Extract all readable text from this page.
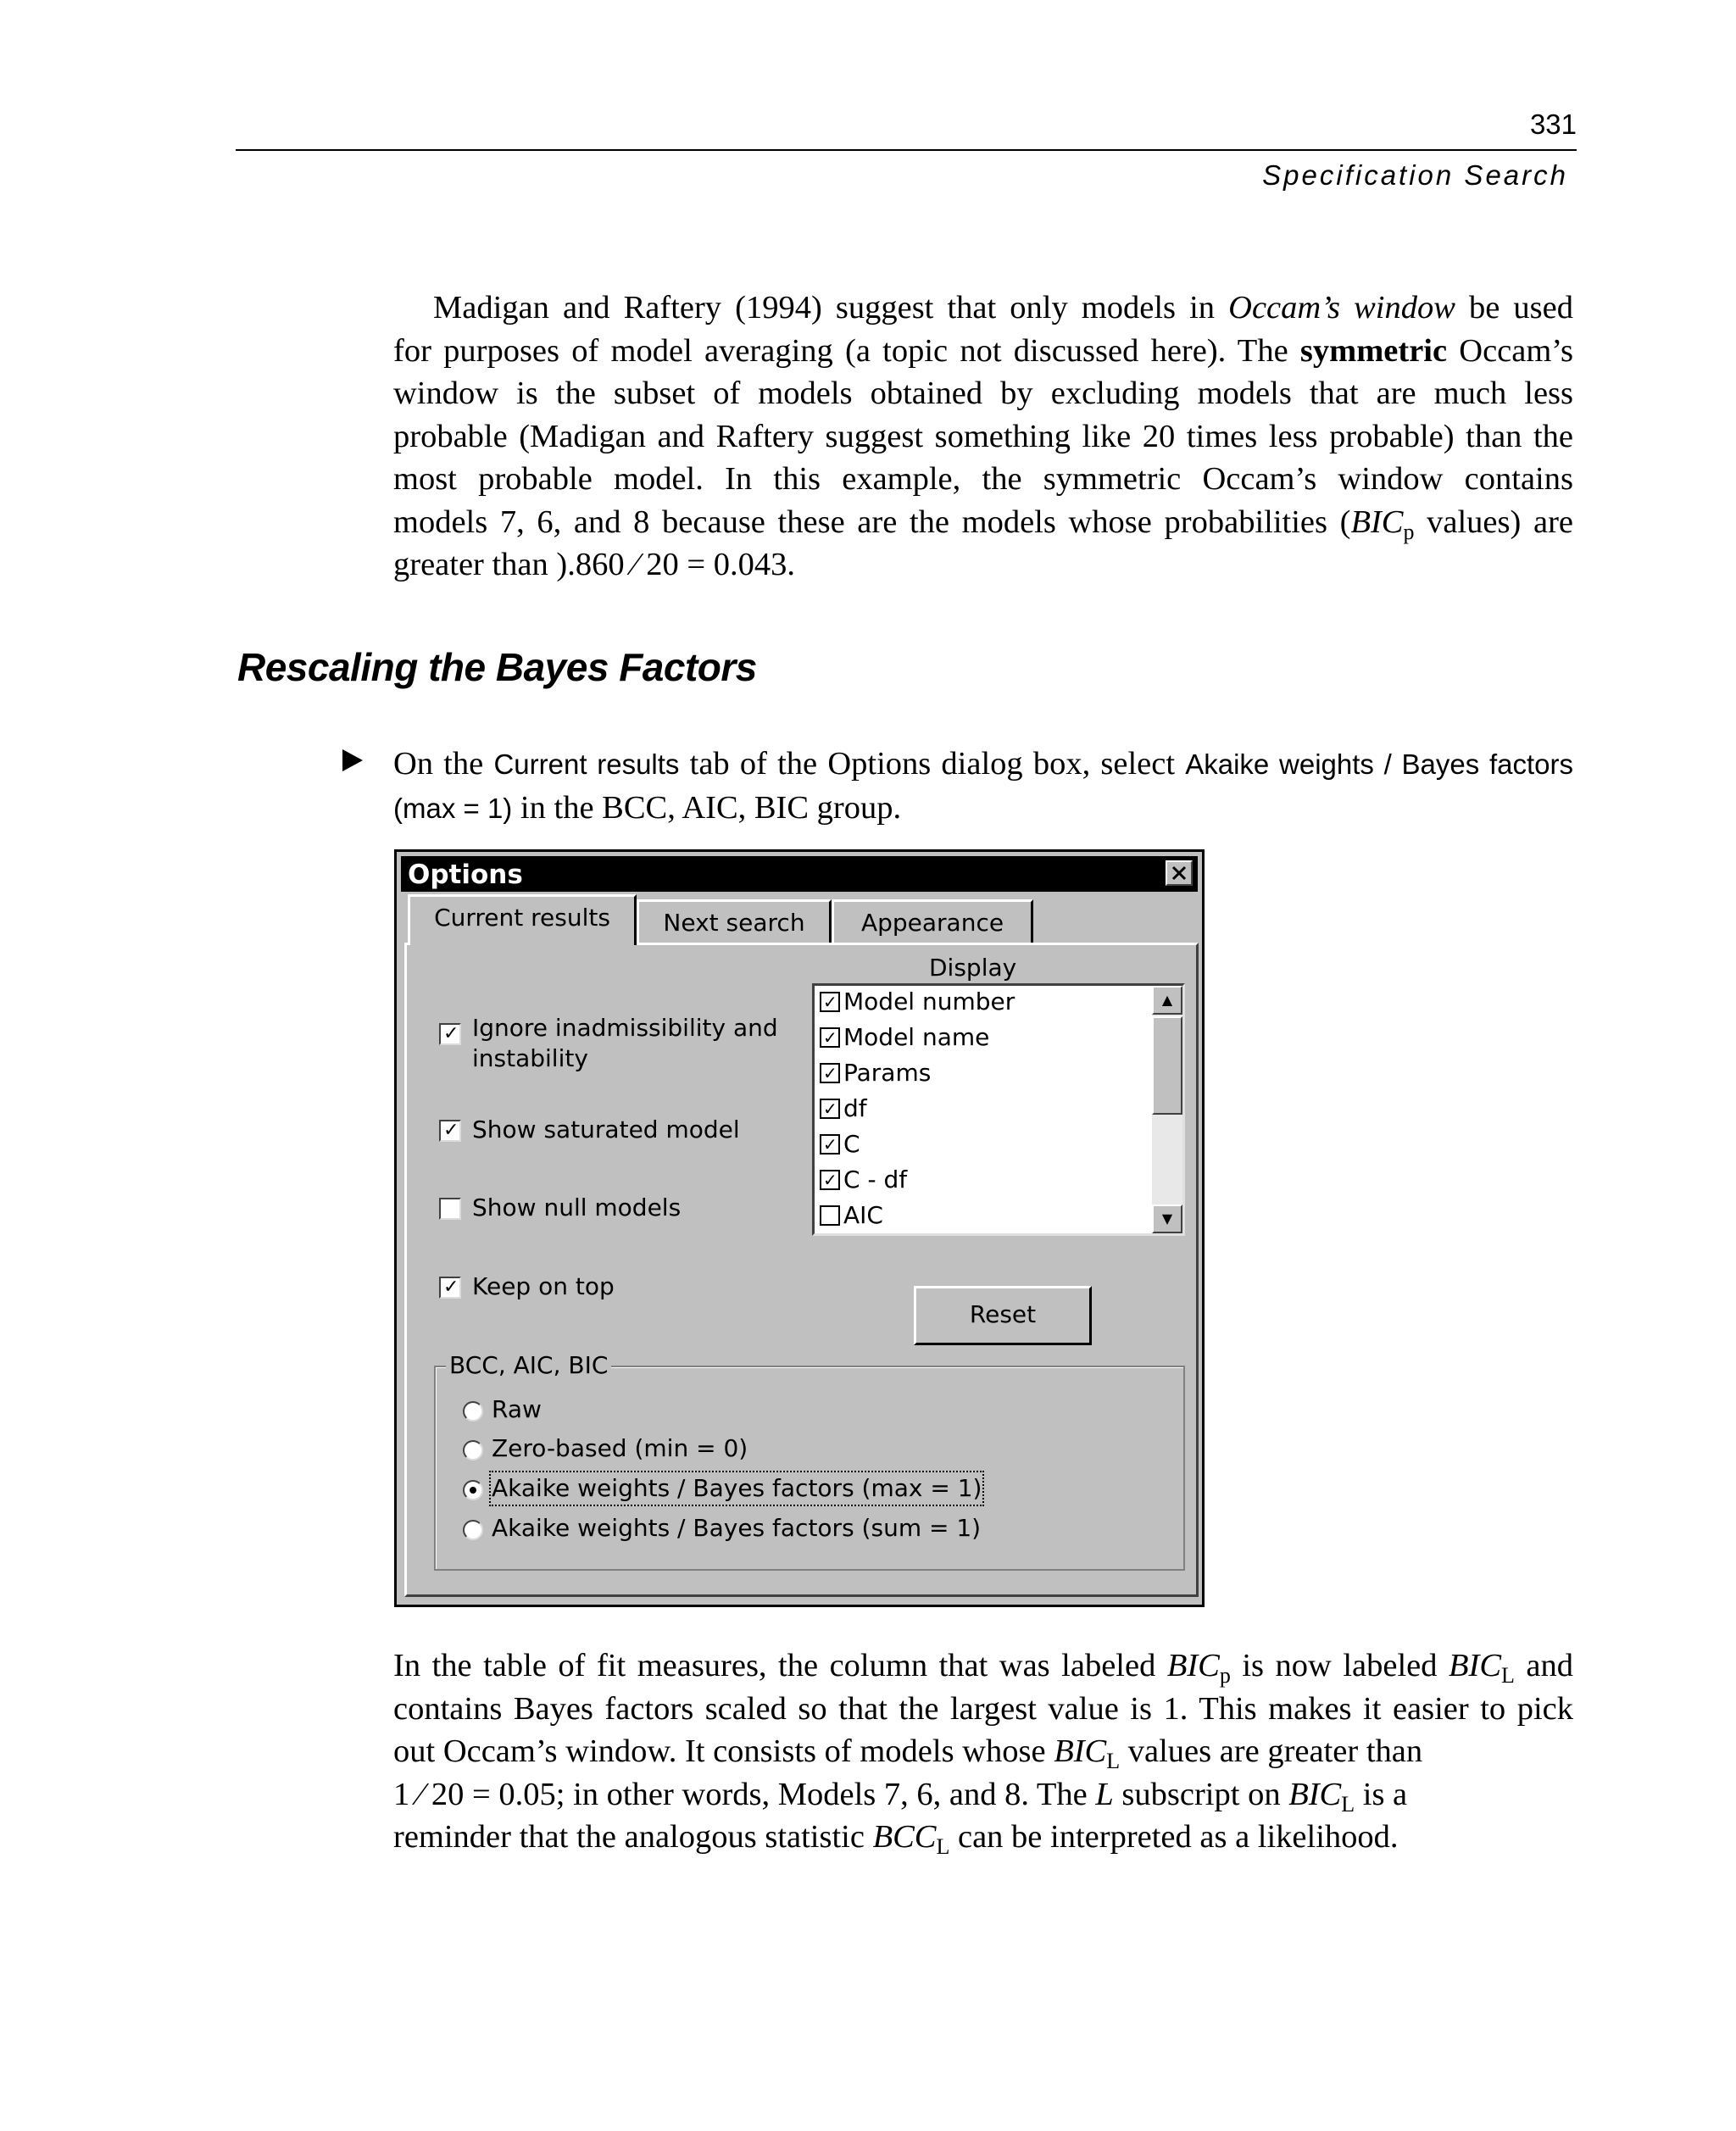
331
Specification Search
Madigan and Raftery (1994) suggest that only models in Occam’s window be used
for purposes of model averaging (a topic not discussed here). The symmetric Occam’s
window is the subset of models obtained by excluding models that are much less
probable (Madigan and Raftery suggest something like 20 times less probable) than the
most probable model. In this example, the symmetric Occam’s window contains
models 7, 6, and 8 because these are the models whose probabilities ($BIC_p$ values) are
greater than ).860 ⁄ 20 = 0.043.
Rescaling the Bayes Factors
On the Current results tab of the Options dialog box, select Akaike weights / Bayes factors
(max = 1) in the BCC, AIC, BIC group.
Options
Current results	Next search	Appearance
✓ Ignore inadmissibility and
instability
✓ Show saturated model
Show null models
✓ Keep on top
Display
✓ Model number
✓ Model name
✓ Params
✓ df
✓ C
✓ C - df
AIC
▲
▼
Reset
BCC, AIC, BIC
Raw
Zero-based (min = 0)
Akaike weights / Bayes factors (max = 1)
Akaike weights / Bayes factors (sum = 1)
In the table of fit measures, the column that was labeled $BIC_p$ is now labeled $BIC_L$ and
contains Bayes factors scaled so that the largest value is 1. This makes it easier to pick
out Occam’s window. It consists of models whose $BIC_L$ values are greater than
1 ⁄ 20 = 0.05; in other words, Models 7, 6, and 8. The L subscript on $BIC_L$ is a
reminder that the analogous statistic $BCC_L$ can be interpreted as a likelihood.
